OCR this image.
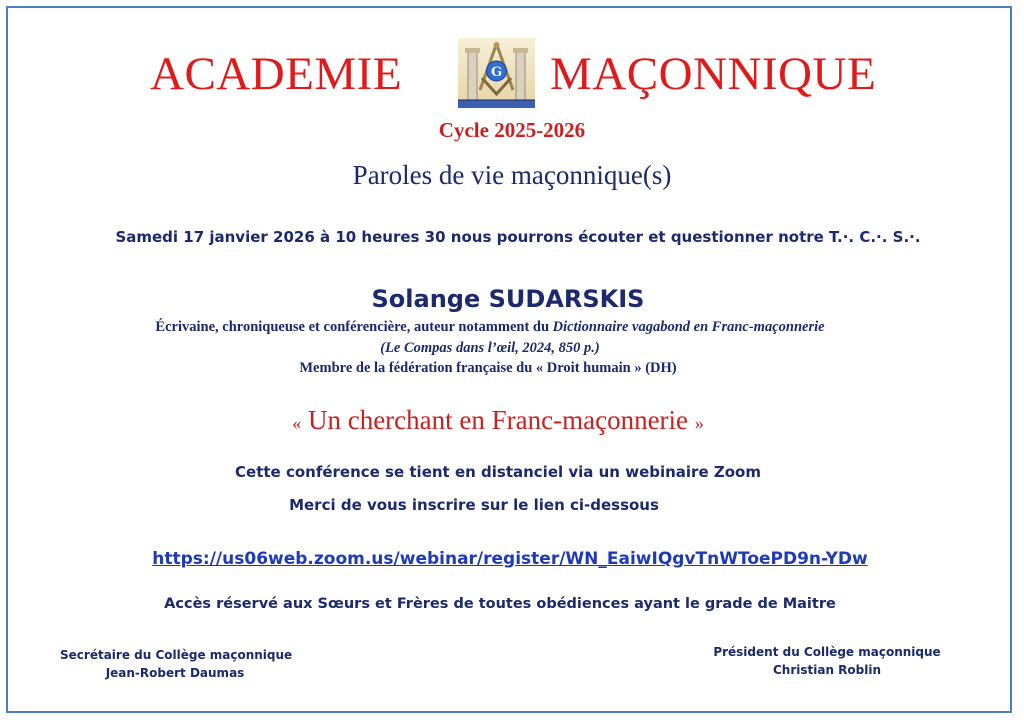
ACADEMIE	G MAÇONNIQUE
Cycle 2025-2026
Paroles de vie maçonnique(s)
Samedi 17 janvier 2026 à 10 heures 30 nous pourrons écouter et questionner notre T.·. C.·. S.·.
Solange SUDARSKIS
Écrivaine, chroniqueuse et conférencière, auteur notamment du Dictionnaire vagabond en Franc-maçonnerie
(Le Compas dans l’œil, 2024, 850 p.)
Membre de la fédération française du « Droit humain » (DH)
« Un cherchant en Franc-maçonnerie »
Cette conférence se tient en distanciel via un webinaire Zoom
Merci de vous inscrire sur le lien ci-dessous
https://us06web.zoom.us/webinar/register/WN_EaiwIQgvTnWToePD9n-YDw
Accès réservé aux Sœurs et Frères de toutes obédiences ayant le grade de Maitre
Secrétaire du Collège maçonnique
Jean-Robert Daumas
Président du Collège maçonnique
Christian Roblin
